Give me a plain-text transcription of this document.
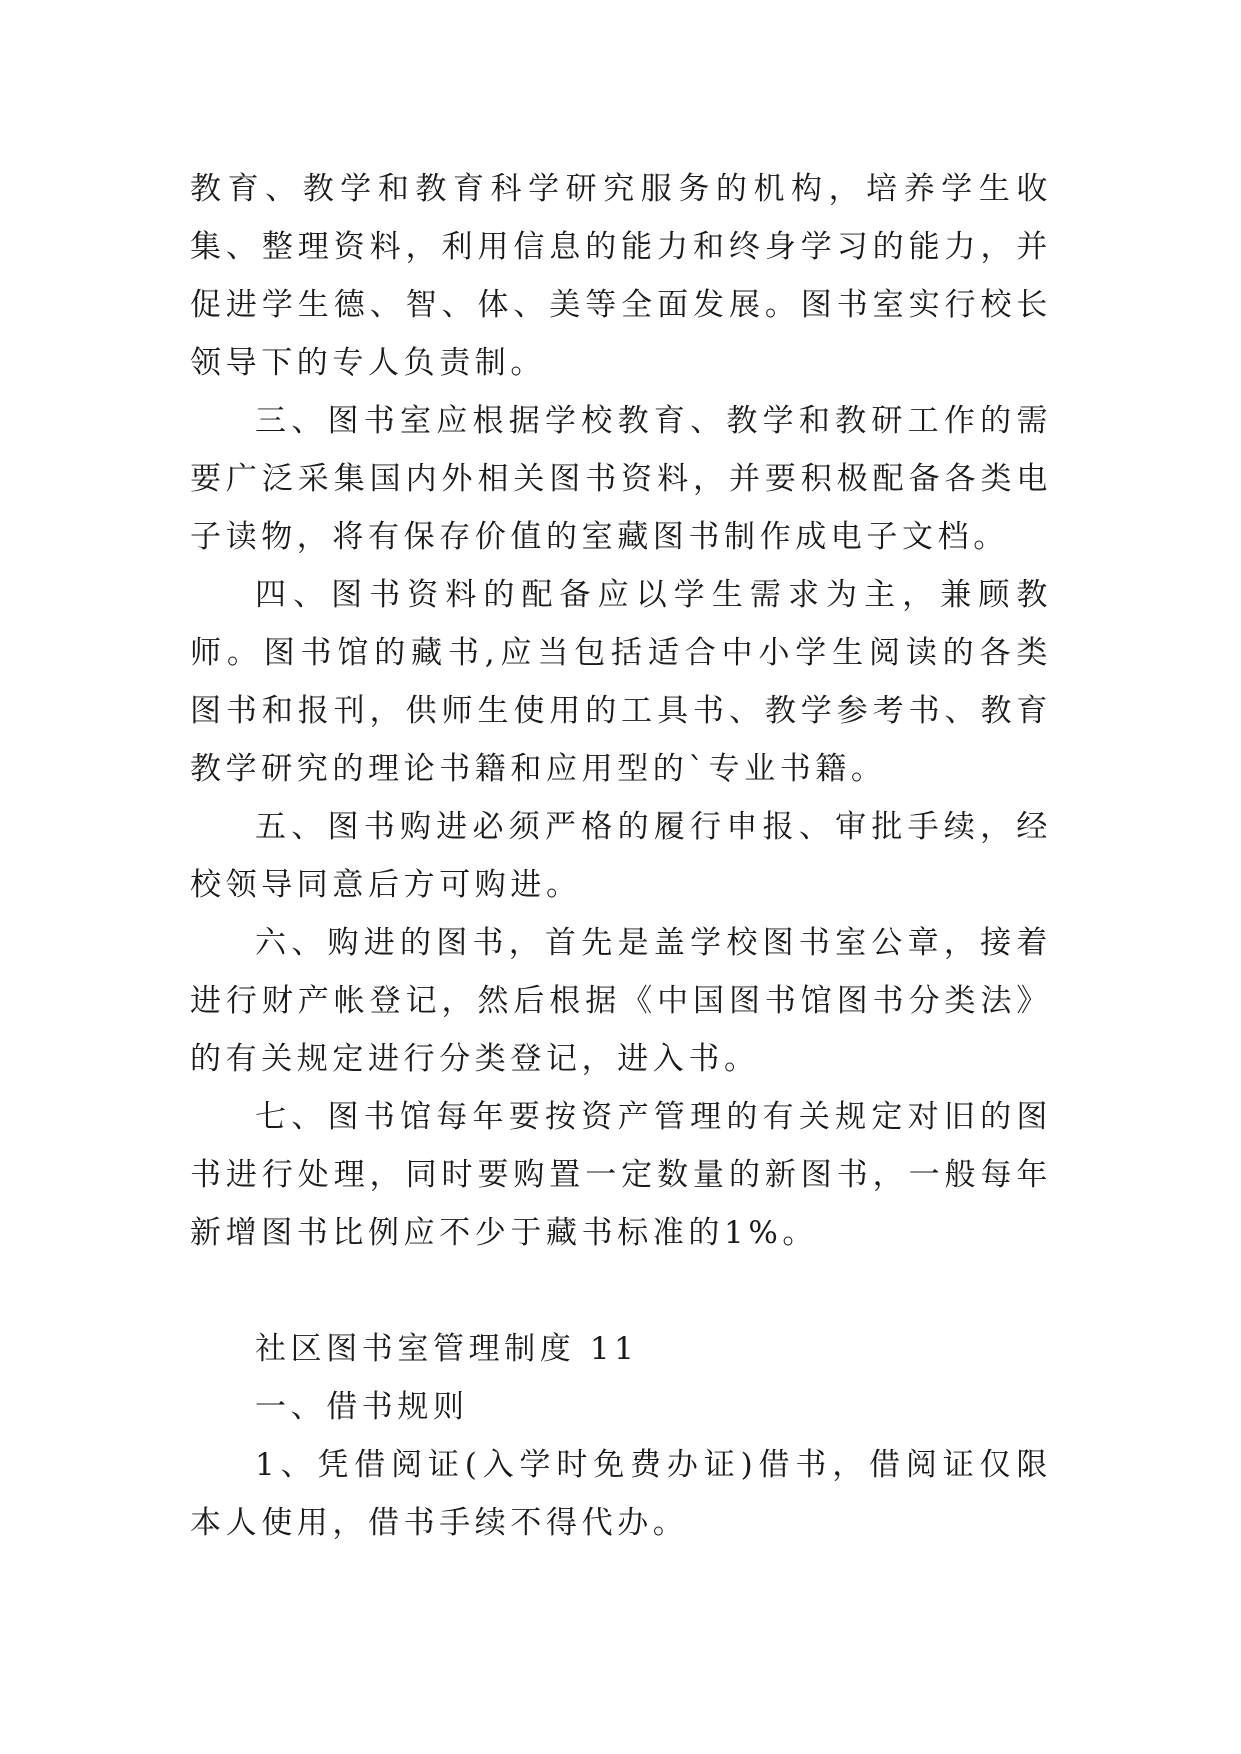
教育、教学和教育科学研究服务的机构，培养学生收集、整理资料，利用信息的能力和终身学习的能力，并促进学生德、智、体、美等全面发展。图书室实行校长领导下的专人负责制。

三、图书室应根据学校教育、教学和教研工作的需要广泛采集国内外相关图书资料，并要积极配备各类电子读物，将有保存价值的室藏图书制作成电子文档。

四、图书资料的配备应以学生需求为主，兼顾教师。图书馆的藏书,应当包括适合中小学生阅读的各类图书和报刊，供师生使用的工具书、教学参考书、教育教学研究的理论书籍和应用型的`专业书籍。

五、图书购进必须严格的履行申报、审批手续，经校领导同意后方可购进。

六、购进的图书，首先是盖学校图书室公章，接着进行财产帐登记，然后根据《中国图书馆图书分类法》的有关规定进行分类登记，进入书。

七、图书馆每年要按资产管理的有关规定对旧的图书进行处理，同时要购置一定数量的新图书，一般每年新增图书比例应不少于藏书标准的1%。

社区图书室管理制度 11

一、借书规则

1、凭借阅证(入学时免费办证)借书，借阅证仅限本人使用，借书手续不得代办。
